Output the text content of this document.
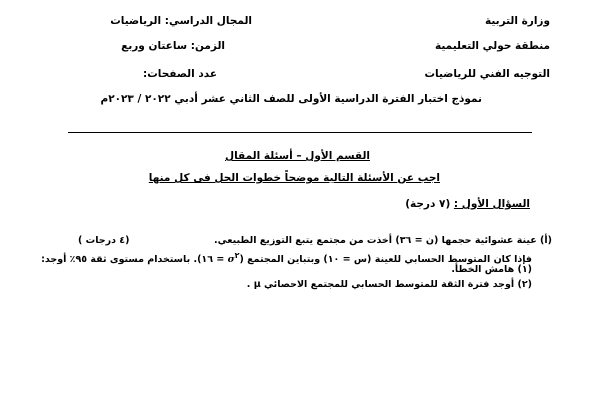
وزارة التربية
منطقة حولي التعليمية
التوجيه الفني للرياضيات
المجال الدراسي: الرياضيات
الزمن: ساعتان وربع
عدد الصفحات:
نموذج اختبار الفترة الدراسية الأولى للصف الثاني عشر أدبي ٢٠٢٢ / ٢٠٢٣م
القسم الأول – أسئلة المقال
اجب عن الأسئلة التالية موضحاً خطوات الحل فى كل منها
السؤال الأول : (٧ درجة)
(أ) عينة عشوائية حجمها (ن = ٣٦) أخذت من مجتمع يتبع التوزيع الطبيعي.
(٤ درجات )
فإذا كان المتوسط الحسابي للعينة (س = ١٠) وبتباين المجتمع ($\sigma^٢$ = ١٦). باستخدام مستوى ثقة ٩٥٪ أوجد:
(١) هامش الخطأ.
(٢) أوجد فترة الثقة للمتوسط الحسابي للمجتمع الاحصائي μ .
